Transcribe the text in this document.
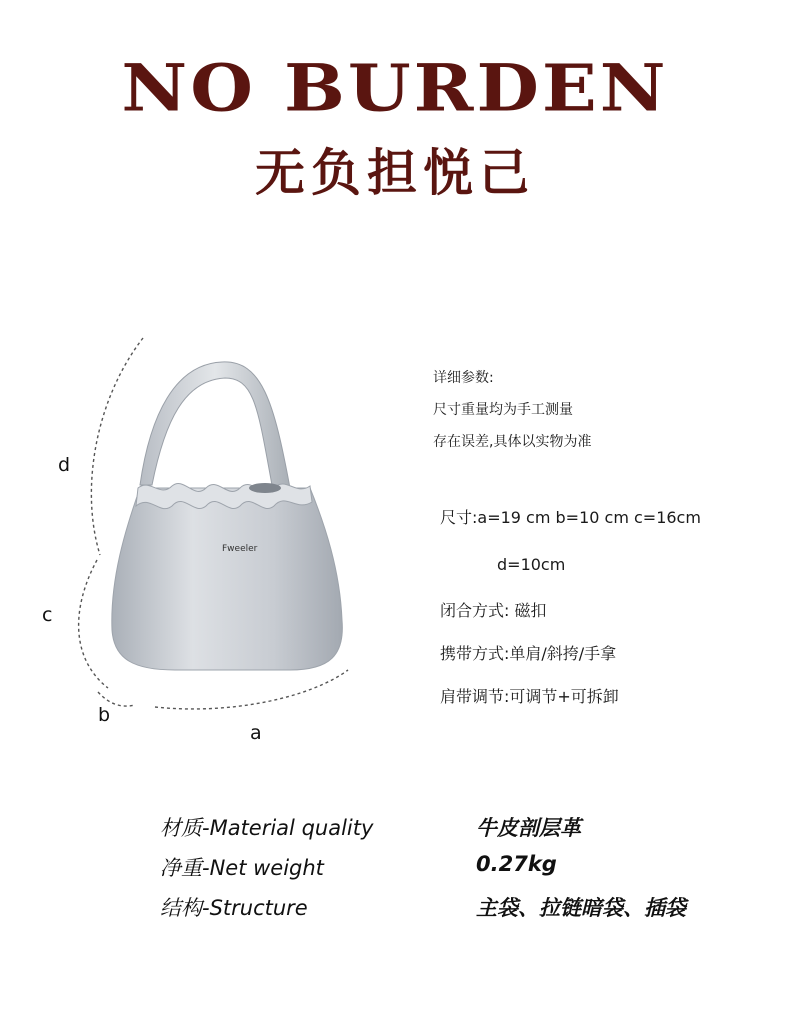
NO BURDEN
无负担悦己
Fweeler
d
c
b
a
详细参数:
尺寸重量均为手工测量
存在误差,具体以实物为准
尺寸:a=19 cm b=10 cm c=16cm
d=10cm
闭合方式: 磁扣
携带方式:单肩/斜挎/手拿
肩带调节:可调节+可拆卸
材质-Material quality	牛皮剖层革
净重-Net weight	0.27kg
结构-Structure	主袋、拉链暗袋、插袋
